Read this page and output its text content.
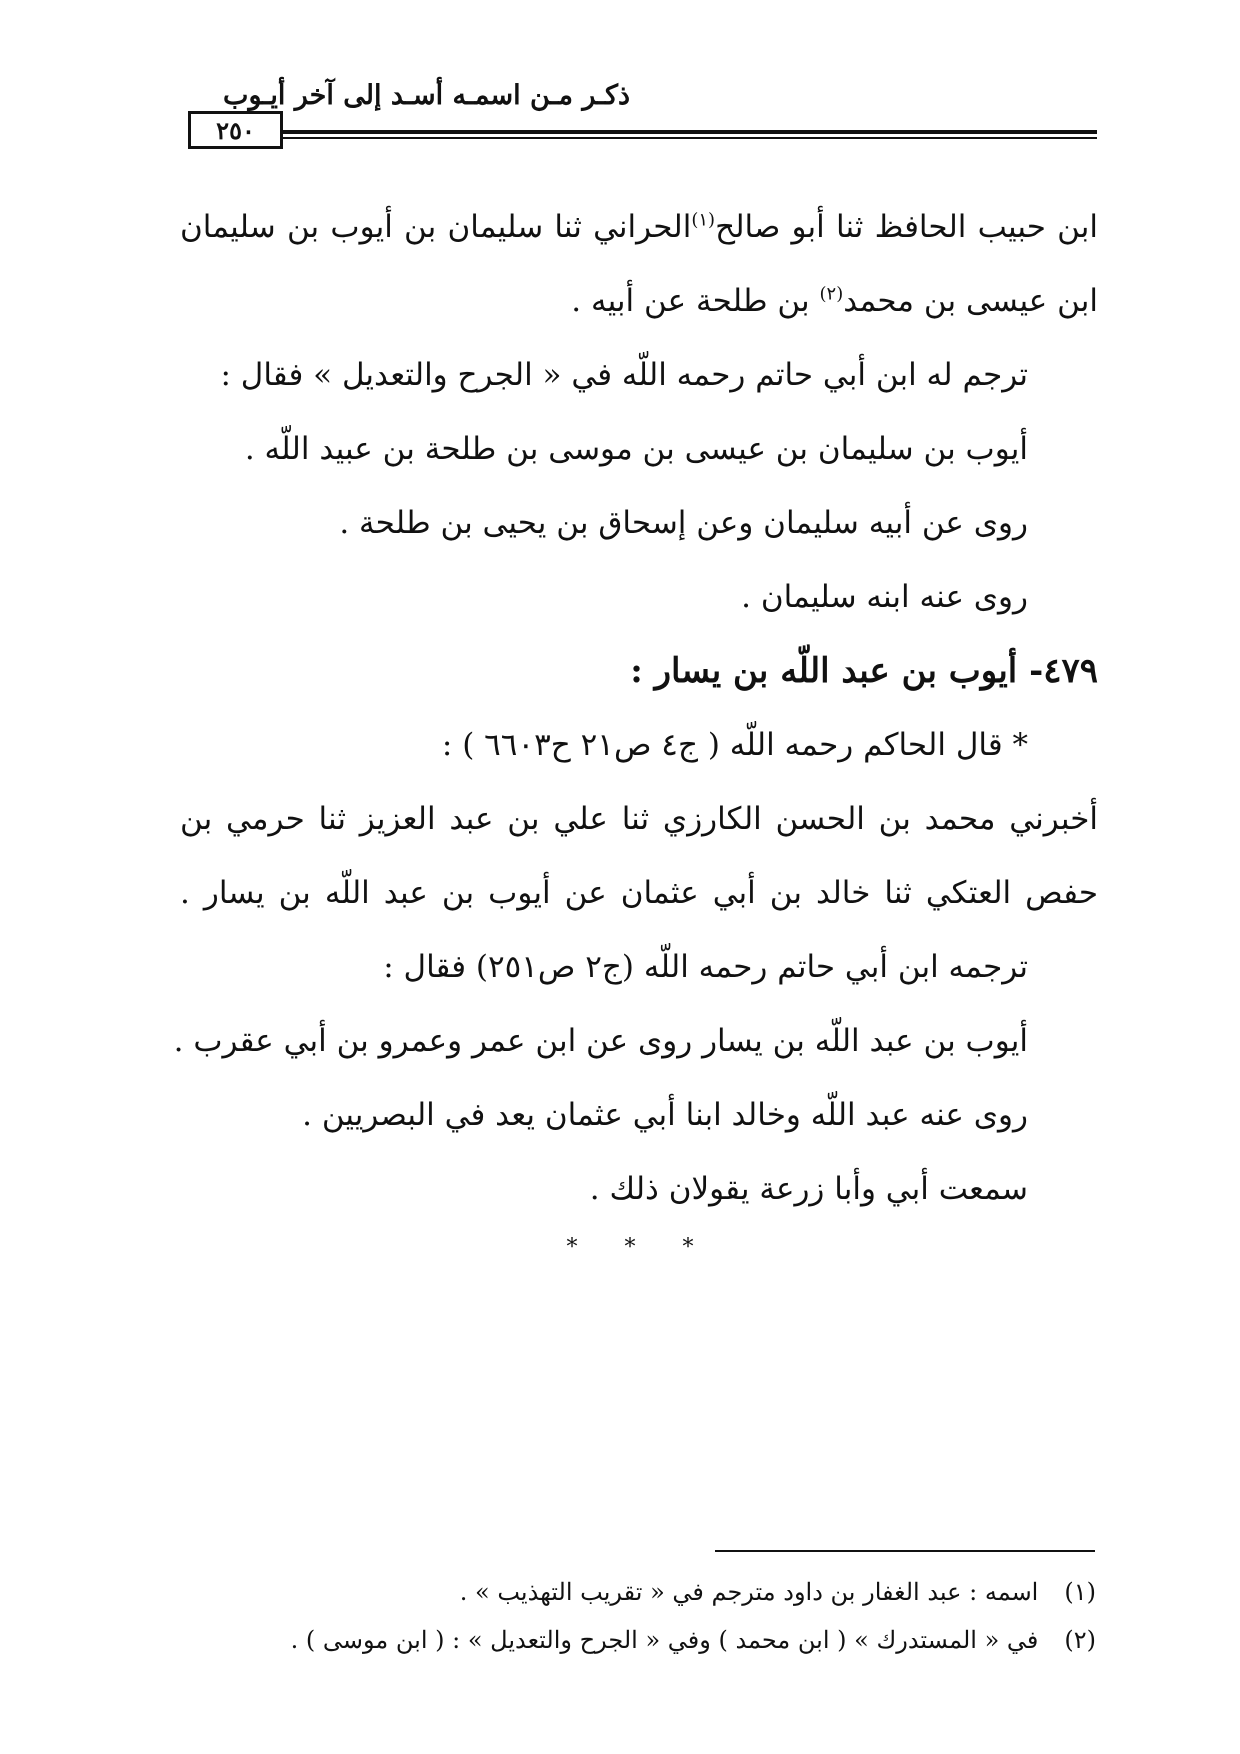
ذكـر مـن اسمـه أسـد إلى آخر أيـوب
٢٥٠
ابن حبيب الحافظ ثنا أبو صالح$^{(١)}$الحراني ثنا سليمان بن أيوب بن سليمان
ابن عيسى بن محمد$^{(٢)}$ بن طلحة عن أبيه .
ترجم له ابن أبي حاتم رحمه اللّه في « الجرح والتعديل » فقال :
أيوب بن سليمان بن عيسى بن موسى بن طلحة بن عبيد اللّه .
روى عن أبيه سليمان وعن إسحاق بن يحيى بن طلحة .
روى عنه ابنه سليمان .
٤٧٩- أيوب بن عبد اللّه بن يسار :
* قال الحاكم رحمه اللّه ( ج٤ ص٢١ ح٦٦٠٣ ) :
أخبرني محمد بن الحسن الكارزي ثنا علي بن عبد العزيز ثنا حرمي بن
حفص العتكي ثنا خالد بن أبي عثمان عن أيوب بن عبد اللّه بن يسار .
ترجمه ابن أبي حاتم رحمه اللّه (ج٢ ص٢٥١) فقال :
أيوب بن عبد اللّه بن يسار روى عن ابن عمر وعمرو بن أبي عقرب .
روى عنه عبد اللّه وخالد ابنا أبي عثمان يعد في البصريين .
سمعت أبي وأبا زرعة يقولان ذلك .
* * *
(١) اسمه : عبد الغفار بن داود مترجم في « تقريب التهذيب » .
(٢) في « المستدرك » ( ابن محمد ) وفي « الجرح والتعديل » : ( ابن موسى ) .
